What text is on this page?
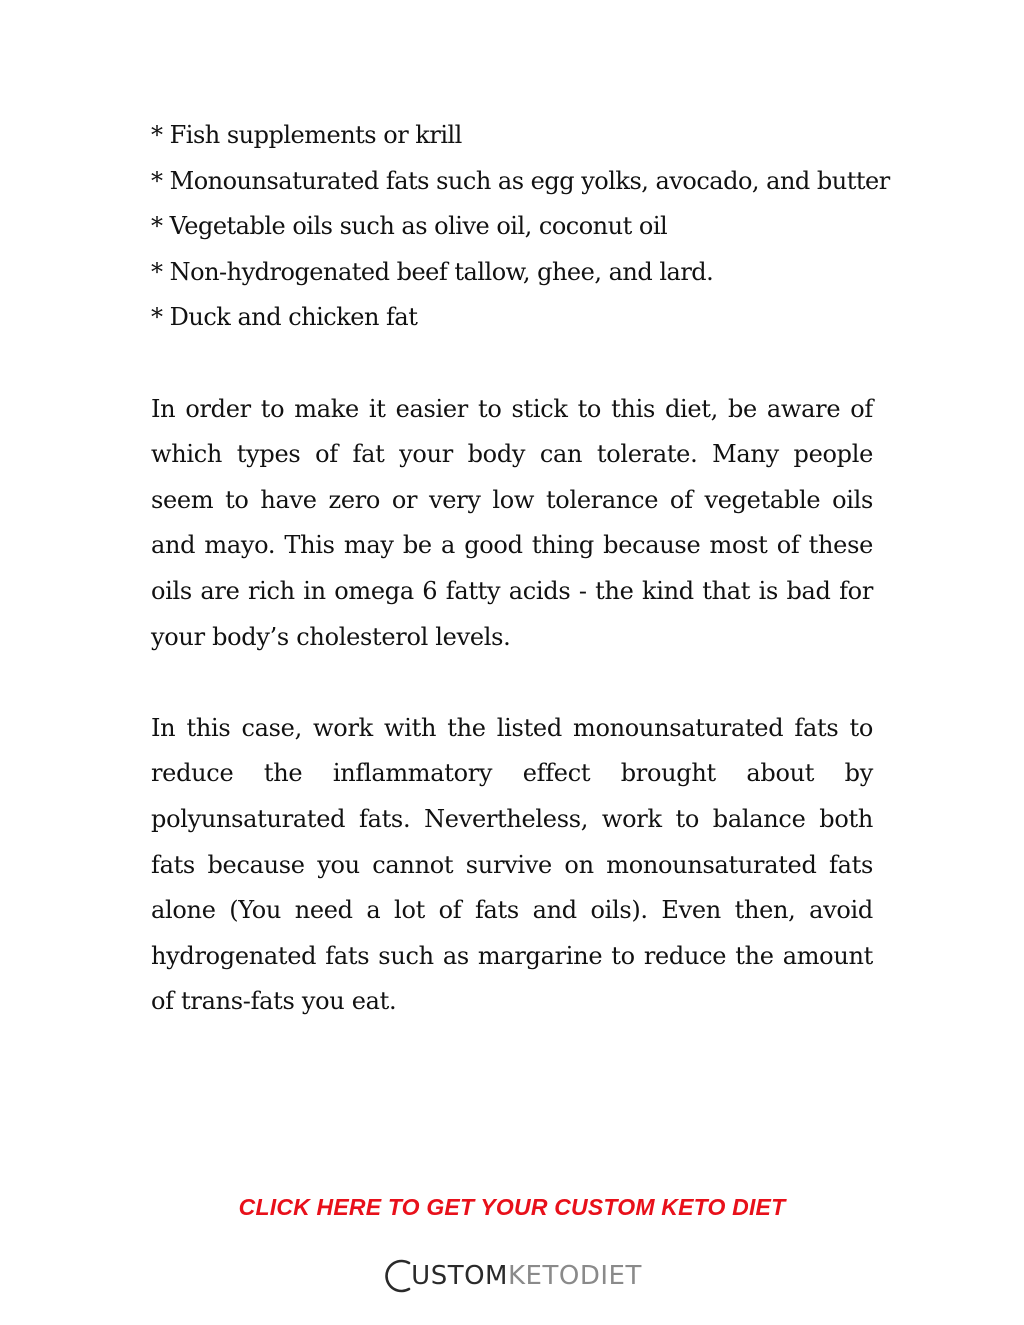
* Fish supplements or krill
* Monounsaturated fats such as egg yolks, avocado, and butter
* Vegetable oils such as olive oil, coconut oil
* Non-hydrogenated beef tallow, ghee, and lard.
* Duck and chicken fat

In order to make it easier to stick to this diet, be aware of which types of fat your body can tolerate. Many people seem to have zero or very low tolerance of vegetable oils and mayo. This may be a good thing because most of these oils are rich in omega 6 fatty acids - the kind that is bad for your body’s cholesterol levels.

In this case, work with the listed monounsaturated fats to reduce the inflammatory effect brought about by polyunsaturated fats. Nevertheless, work to balance both fats because you cannot survive on monounsaturated fats alone (You need a lot of fats and oils). Even then, avoid hydrogenated fats such as margarine to reduce the amount of trans-fats you eat.

CLICK HERE TO GET YOUR CUSTOM KETO DIET
USTOM KETODIET
